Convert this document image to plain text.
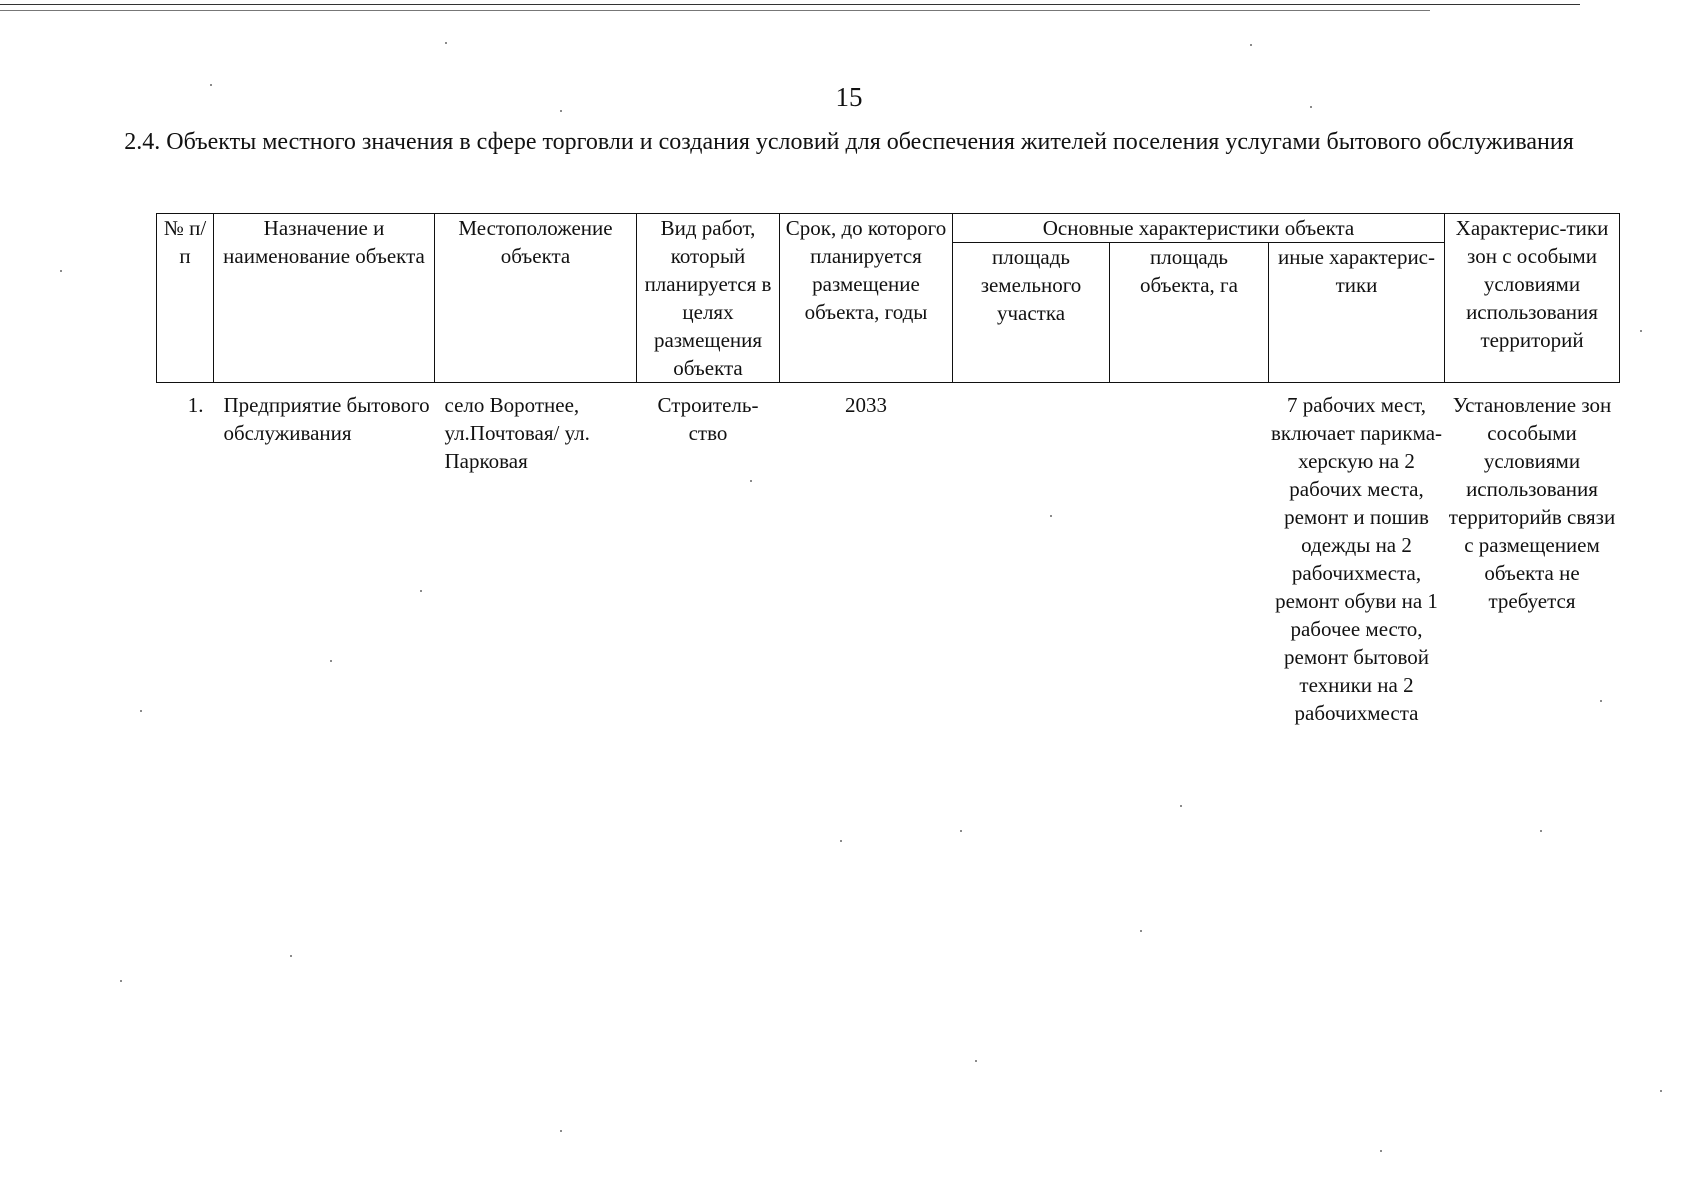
15
2.4. Объекты местного значения в сфере торговли и создания условий для обеспечения жителей поселения услугами бытового обслуживания
№ п/п	Назначение и наименование объекта	Местоположение объекта	Вид работ, который планируется в целях размещения объекта	Срок, до которого планируется размещение объекта, годы	Основные характеристики объекта			Характерис-тики зон с особыми условиями использования территорий
					площадь земельного участка	площадь объекта, га	иные характерис-тики	
1.	Предприятие бытового обслуживания	село Воротнее, ул.Почтовая/ ул. Парковая	Строитель-ство	2033			7 рабочих мест, включает парикма-херскую на 2 рабочих места, ремонт и пошив одежды на 2 рабочихместа, ремонт обуви на 1 рабочее место, ремонт бытовой техники на 2 рабочихместа	Установление зон сособыми условиями использования территорийв связи с размещением объекта не требуется
